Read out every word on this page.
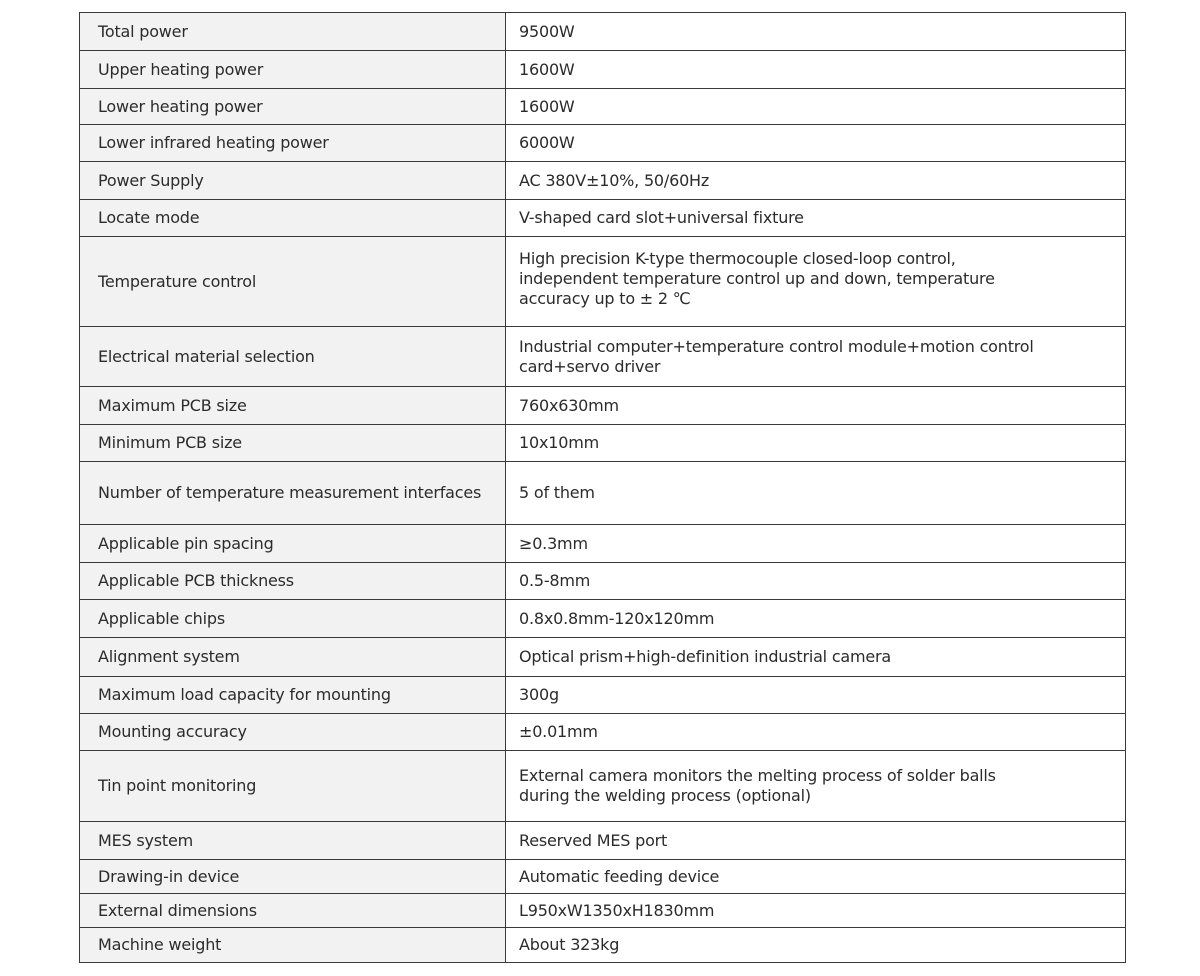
Total power	9500W

Upper heating power	1600W

Lower heating power	1600W

Lower infrared heating power	6000W

Power Supply	AC 380V±10%, 50/60Hz

Locate mode	V-shaped card slot+universal fixture

Temperature control	High precision K-type thermocouple closed-loop control, independent temperature control up and down, temperature accuracy up to ± 2 ℃

Electrical material selection	Industrial computer+temperature control module+motion control card+servo driver

Maximum PCB size	760x630mm

Minimum PCB size	10x10mm

Number of temperature measurement interfaces	5 of them

Applicable pin spacing	≥0.3mm

Applicable PCB thickness	0.5-8mm

Applicable chips	0.8x0.8mm-120x120mm

Alignment system	Optical prism+high-definition industrial camera

Maximum load capacity for mounting	300g

Mounting accuracy	±0.01mm

Tin point monitoring	External camera monitors the melting process of solder balls during the welding process (optional)

MES system	Reserved MES port

Drawing-in device	Automatic feeding device

External dimensions	L950xW1350xH1830mm

Machine weight	About 323kg
